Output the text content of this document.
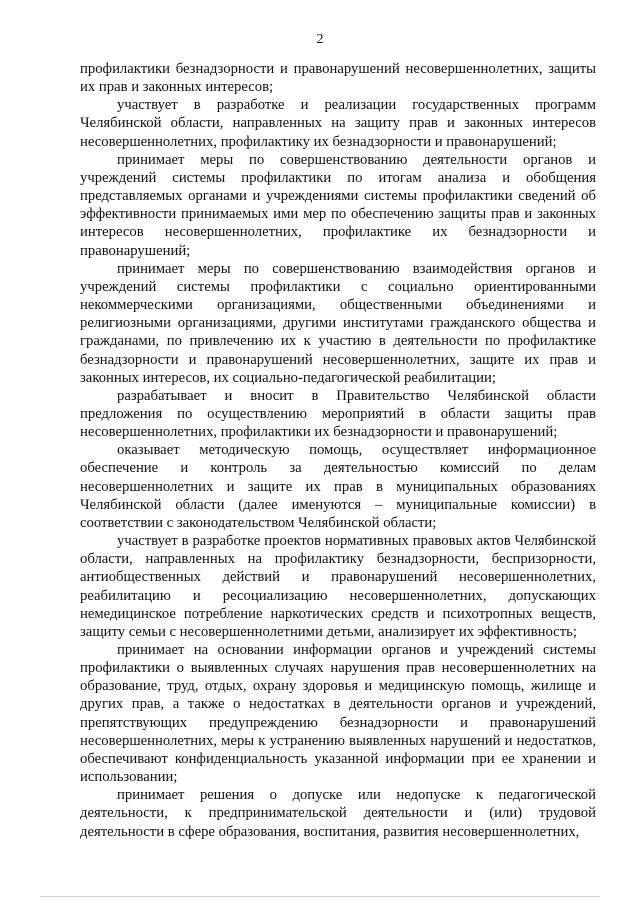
2

профилактики безнадзорности и правонарушений несовершеннолетних, защиты их прав и законных интересов;

участвует в разработке и реализации государственных программ Челябинской области, направленных на защиту прав и законных интересов несовершеннолетних, профилактику их безнадзорности и правонарушений;

принимает меры по совершенствованию деятельности органов и учреждений системы профилактики по итогам анализа и обобщения представляемых органами и учреждениями системы профилактики сведений об эффективности принимаемых ими мер по обеспечению защиты прав и законных интересов несовершеннолетних, профилактике их безнадзорности и правонарушений;

принимает меры по совершенствованию взаимодействия органов и учреждений системы профилактики с социально ориентированными некоммерческими организациями, общественными объединениями и религиозными организациями, другими институтами гражданского общества и гражданами, по привлечению их к участию в деятельности по профилактике безнадзорности и правонарушений несовершеннолетних, защите их прав и законных интересов, их социально-педагогической реабилитации;

разрабатывает и вносит в Правительство Челябинской области предложения по осуществлению мероприятий в области защиты прав несовершеннолетних, профилактики их безнадзорности и правонарушений;

оказывает методическую помощь, осуществляет информационное обеспечение и контроль за деятельностью комиссий по делам несовершеннолетних и защите их прав в муниципальных образованиях Челябинской области (далее именуются – муниципальные комиссии) в соответствии с законодательством Челябинской области;

участвует в разработке проектов нормативных правовых актов Челябинской области, направленных на профилактику безнадзорности, беспризорности, антиобщественных действий и правонарушений несовершеннолетних, реабилитацию и ресоциализацию несовершеннолетних, допускающих немедицинское потребление наркотических средств и психотропных веществ, защиту семьи с несовершеннолетними детьми, анализирует их эффективность;

принимает на основании информации органов и учреждений системы профилактики о выявленных случаях нарушения прав несовершеннолетних на образование, труд, отдых, охрану здоровья и медицинскую помощь, жилище и других прав, а также о недостатках в деятельности органов и учреждений, препятствующих предупреждению безнадзорности и правонарушений несовершеннолетних, меры к устранению выявленных нарушений и недостатков, обеспечивают конфиденциальность указанной информации при ее хранении и использовании;

принимает решения о допуске или недопуске к педагогической деятельности, к предпринимательской деятельности и (или) трудовой деятельности в сфере образования, воспитания, развития несовершеннолетних,
